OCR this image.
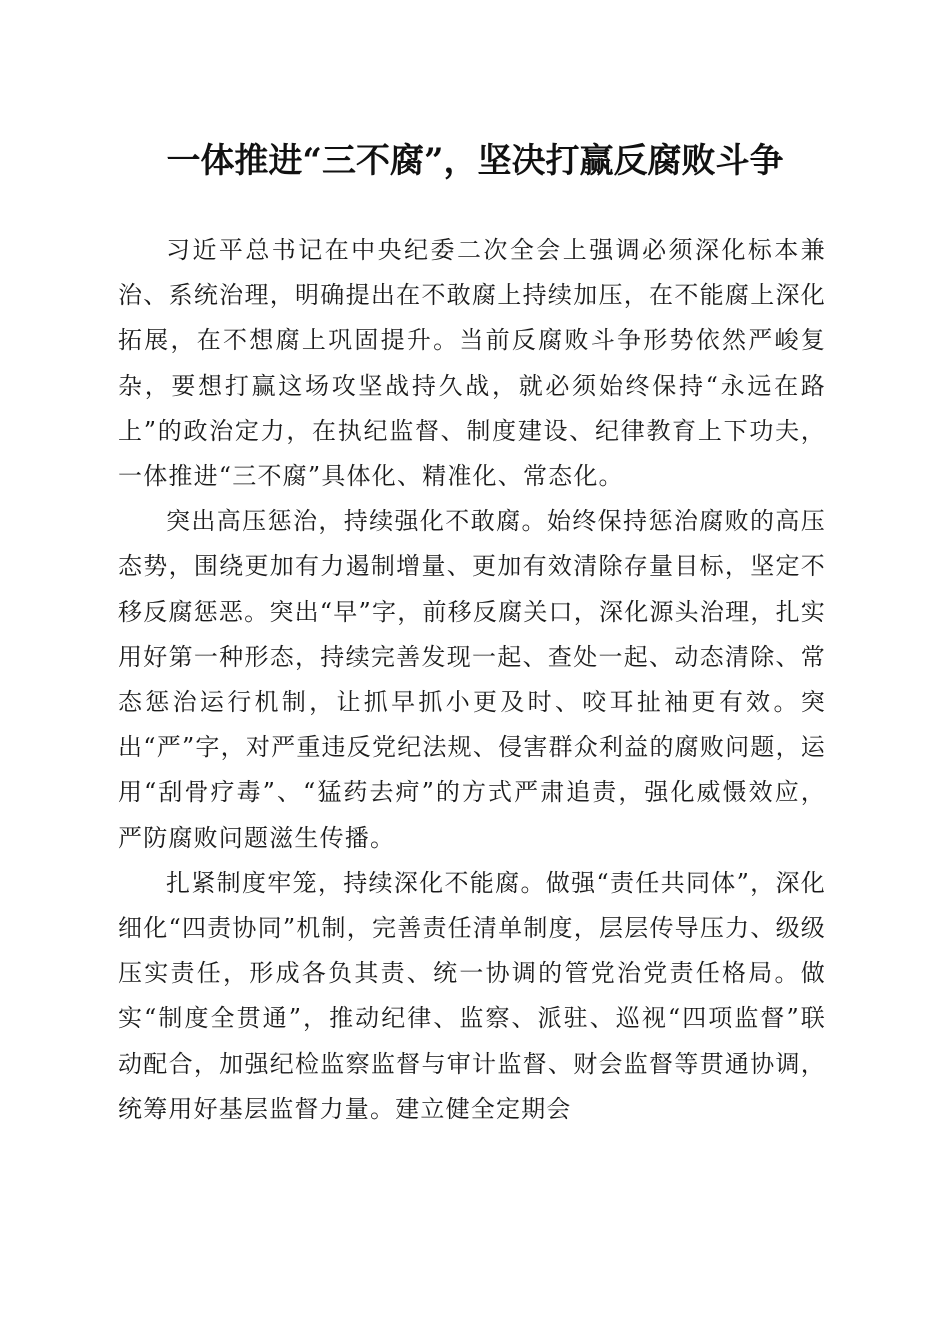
一体推进“三不腐”，坚决打赢反腐败斗争

习近平总书记在中央纪委二次全会上强调必须深化标本兼治、系统治理，明确提出在不敢腐上持续加压，在不能腐上深化拓展，在不想腐上巩固提升。当前反腐败斗争形势依然严峻复杂，要想打赢这场攻坚战持久战，就必须始终保持“永远在路上”的政治定力，在执纪监督、制度建设、纪律教育上下功夫，一体推进“三不腐”具体化、精准化、常态化。

突出高压惩治，持续强化不敢腐。始终保持惩治腐败的高压态势，围绕更加有力遏制增量、更加有效清除存量目标，坚定不移反腐惩恶。突出“早”字，前移反腐关口，深化源头治理，扎实用好第一种形态，持续完善发现一起、查处一起、动态清除、常态惩治运行机制，让抓早抓小更及时、咬耳扯袖更有效。突出“严”字，对严重违反党纪法规、侵害群众利益的腐败问题，运用“刮骨疗毒”、“猛药去疴”的方式严肃追责，强化威慑效应，严防腐败问题滋生传播。

扎紧制度牢笼，持续深化不能腐。做强“责任共同体”，深化细化“四责协同”机制，完善责任清单制度，层层传导压力、级级压实责任，形成各负其责、统一协调的管党治党责任格局。做实“制度全贯通”，推动纪律、监察、派驻、巡视“四项监督”联动配合，加强纪检监察监督与审计监督、财会监督等贯通协调，统筹用好基层监督力量。建立健全定期会
